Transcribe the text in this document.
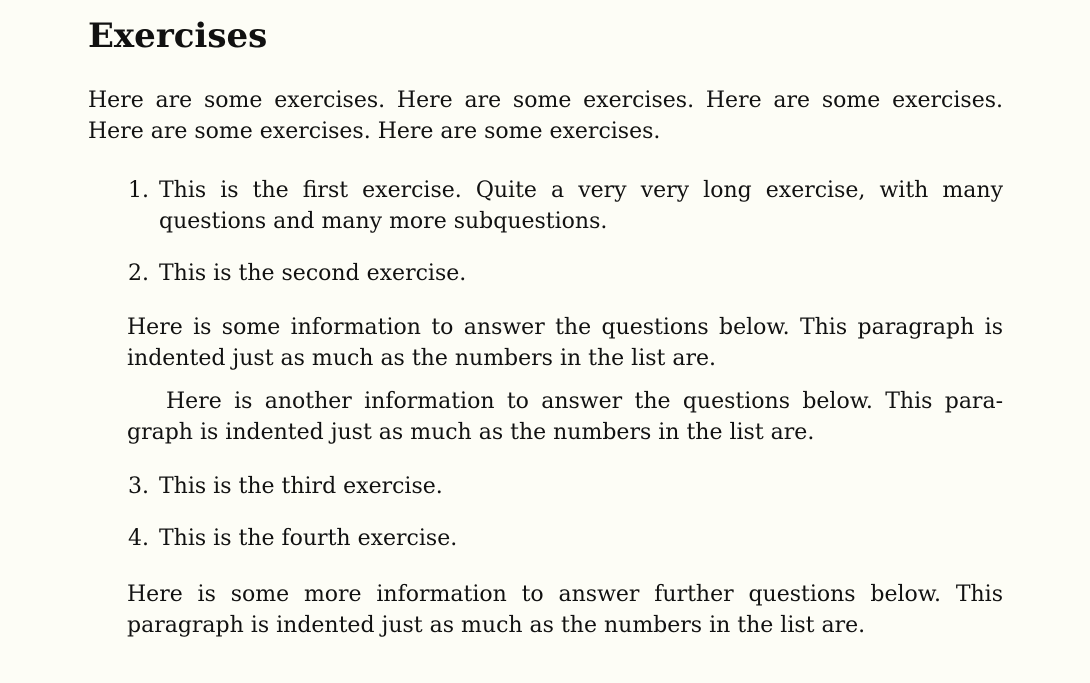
Exercises

Here are some exercises. Here are some exercises. Here are some exercises. Here are some exercises. Here are some exercises.

1. This is the first exercise. Quite a very very long exercise, with many questions and many more subquestions.
2. This is the second exercise.

Here is some information to answer the questions below. This paragraph is indented just as much as the numbers in the list are.

Here is another information to answer the questions below. This para-graph is indented just as much as the numbers in the list are.

3. This is the third exercise.
4. This is the fourth exercise.

Here is some more information to answer further questions below. This paragraph is indented just as much as the numbers in the list are.
